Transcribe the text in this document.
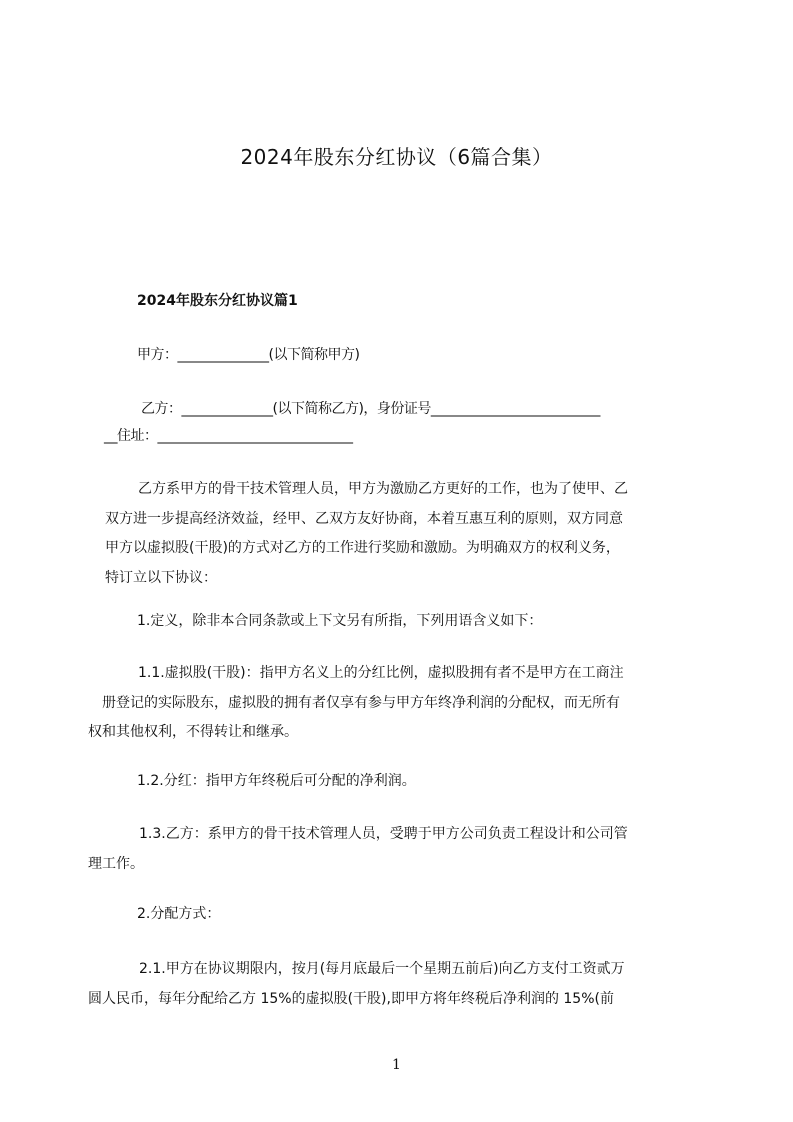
2024年股东分红协议（6篇合集）
2024年股东分红协议篇1
甲方：______________(以下简称甲方)
乙方：______________(以下简称乙方)，身份证号__________________________
__住址：______________________________
乙方系甲方的骨干技术管理人员，甲方为激励乙方更好的工作，也为了使甲、乙
双方进一步提高经济效益，经甲、乙双方友好协商，本着互惠互利的原则，双方同意
甲方以虚拟股(干股)的方式对乙方的工作进行奖励和激励。为明确双方的权利义务，
特订立以下协议：
1.定义，除非本合同条款或上下文另有所指，下列用语含义如下：
1.1.虚拟股(干股)：指甲方名义上的分红比例，虚拟股拥有者不是甲方在工商注
册登记的实际股东，虚拟股的拥有者仅享有参与甲方年终净利润的分配权，而无所有
权和其他权利，不得转让和继承。
1.2.分红：指甲方年终税后可分配的净利润。
1.3.乙方：系甲方的骨干技术管理人员，受聘于甲方公司负责工程设计和公司管
理工作。
2.分配方式：
2.1.甲方在协议期限内，按月(每月底最后一个星期五前后)向乙方支付工资贰万
圆人民币，每年分配给乙方 15%的虚拟股(干股),即甲方将年终税后净利润的 15%(前
1
